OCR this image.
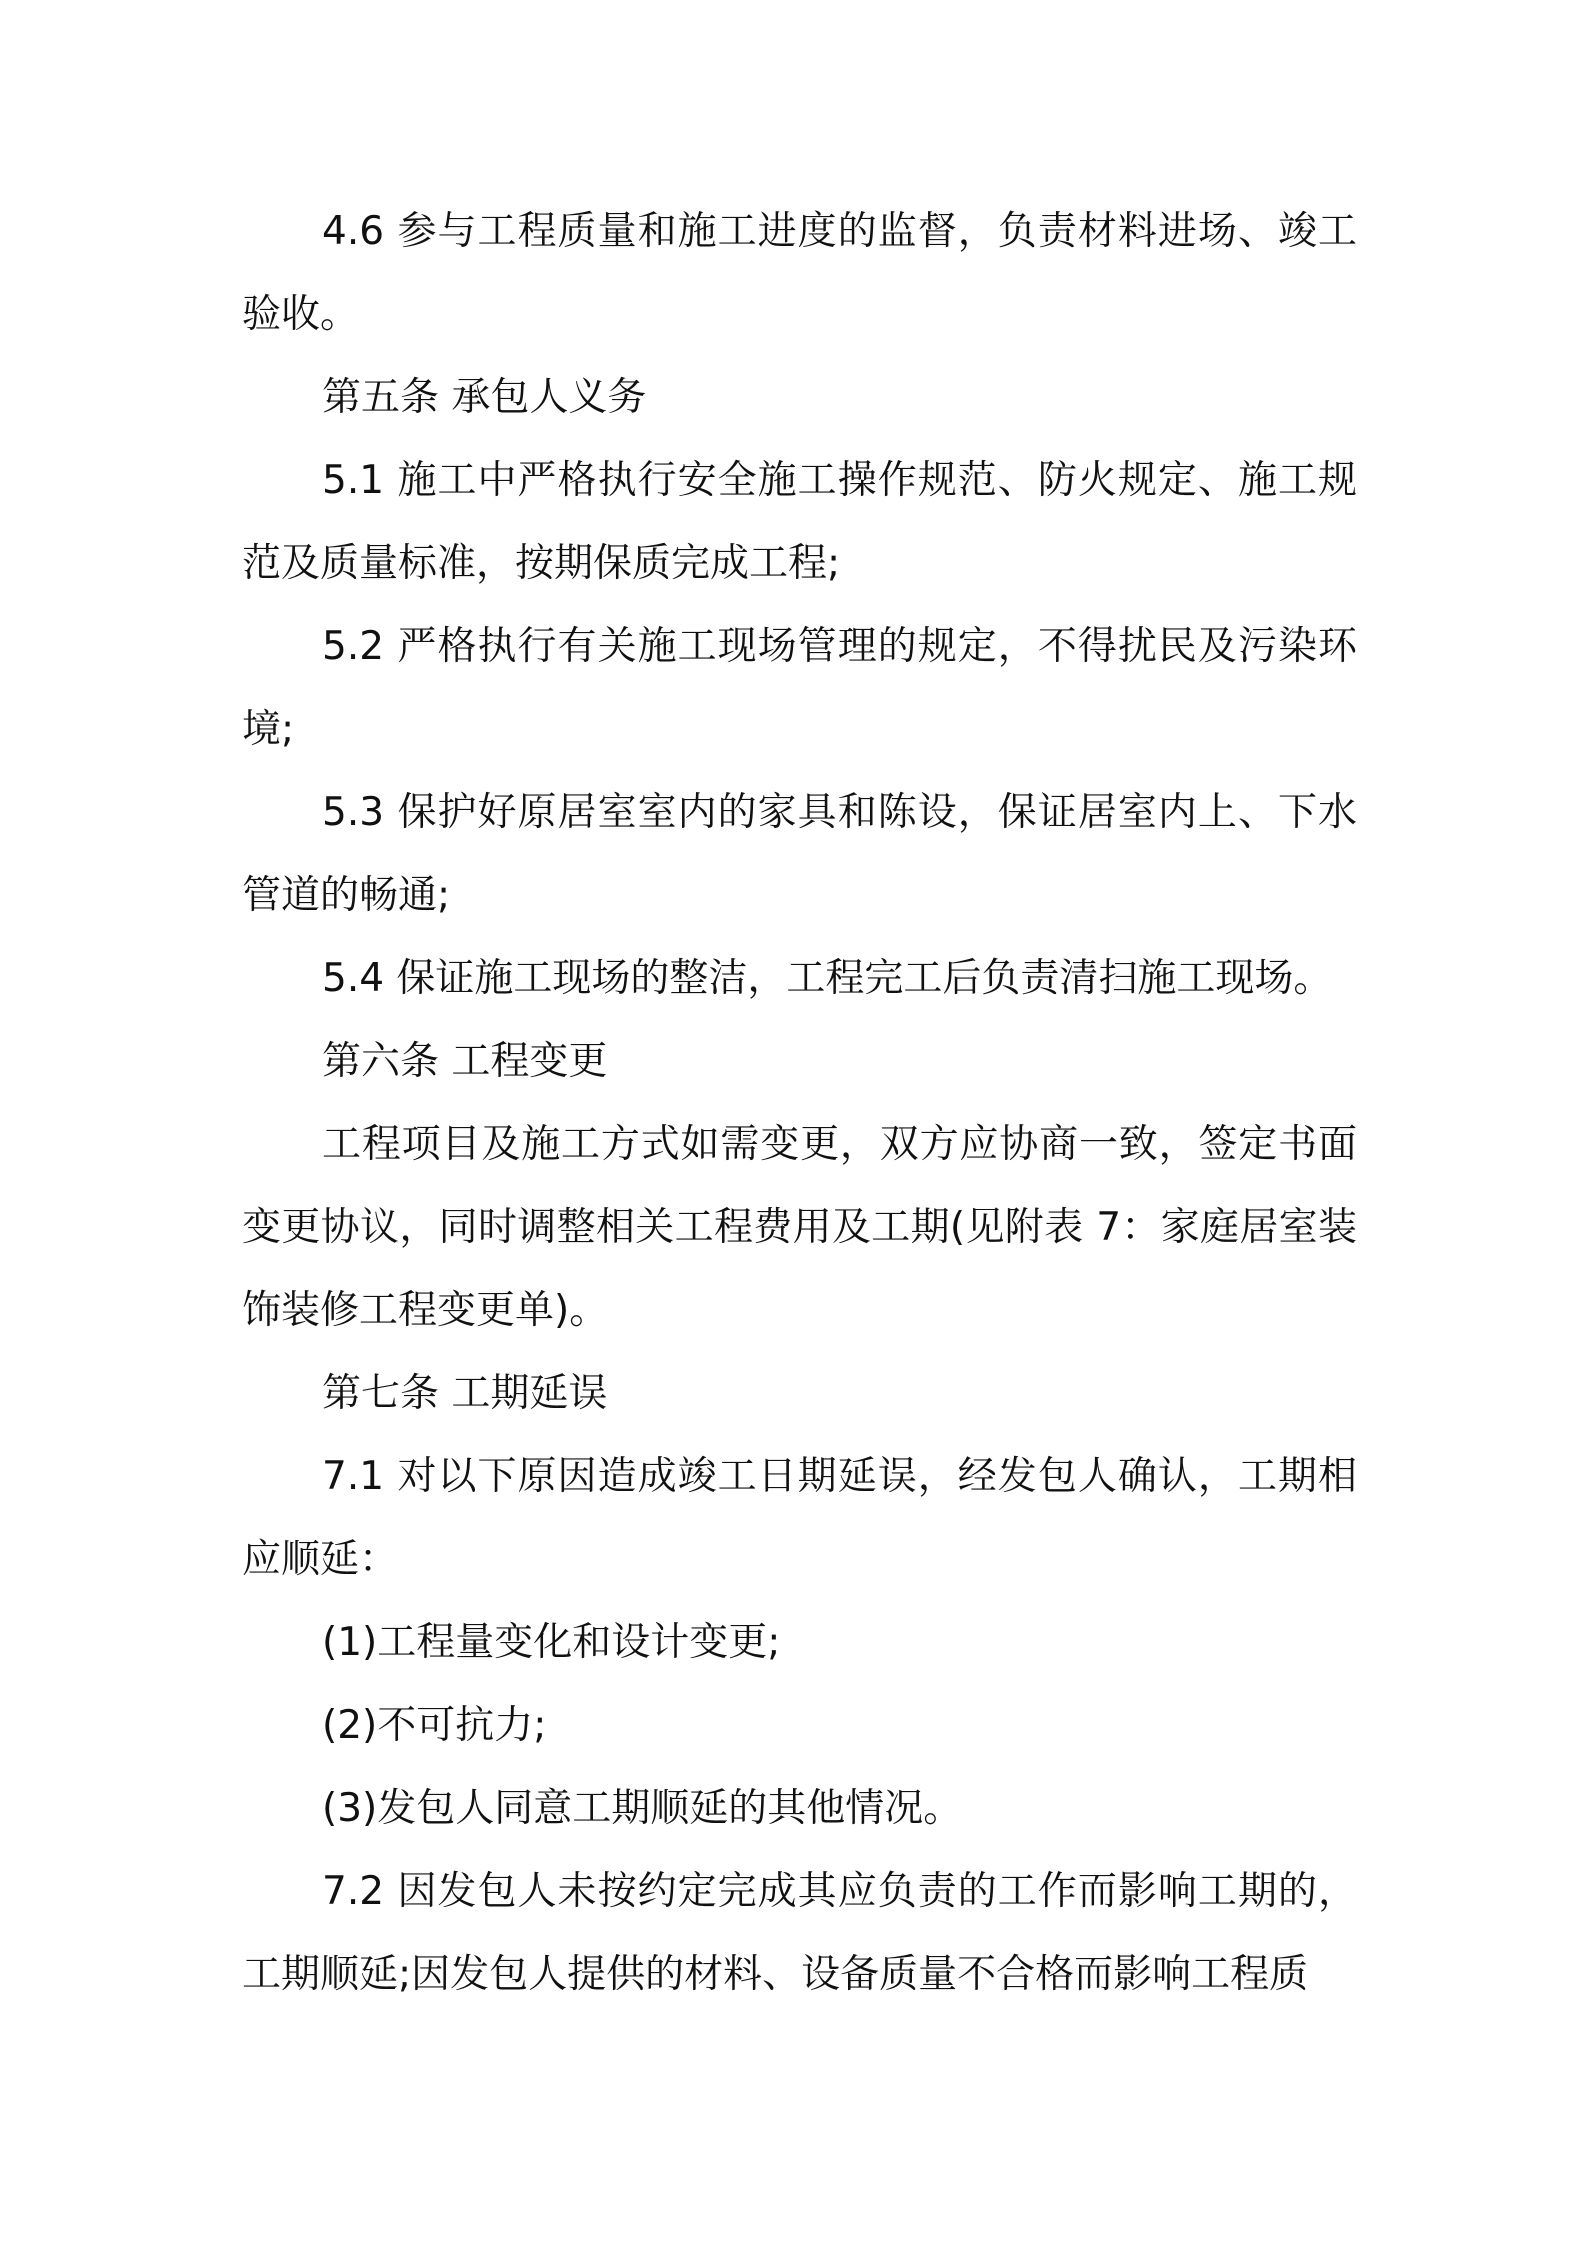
4.6 参与工程质量和施工进度的监督，负责材料进场、竣工验收。

第五条 承包人义务

5.1 施工中严格执行安全施工操作规范、防火规定、施工规范及质量标准，按期保质完成工程;

5.2 严格执行有关施工现场管理的规定，不得扰民及污染环境;

5.3 保护好原居室室内的家具和陈设，保证居室内上、下水管道的畅通;

5.4 保证施工现场的整洁，工程完工后负责清扫施工现场。

第六条 工程变更

工程项目及施工方式如需变更，双方应协商一致，签定书面变更协议，同时调整相关工程费用及工期(见附表 7：家庭居室装饰装修工程变更单)。

第七条 工期延误

7.1 对以下原因造成竣工日期延误，经发包人确认，工期相应顺延：

(1)工程量变化和设计变更;

(2)不可抗力;

(3)发包人同意工期顺延的其他情况。

7.2 因发包人未按约定完成其应负责的工作而影响工期的，工期顺延;因发包人提供的材料、设备质量不合格而影响工程质
